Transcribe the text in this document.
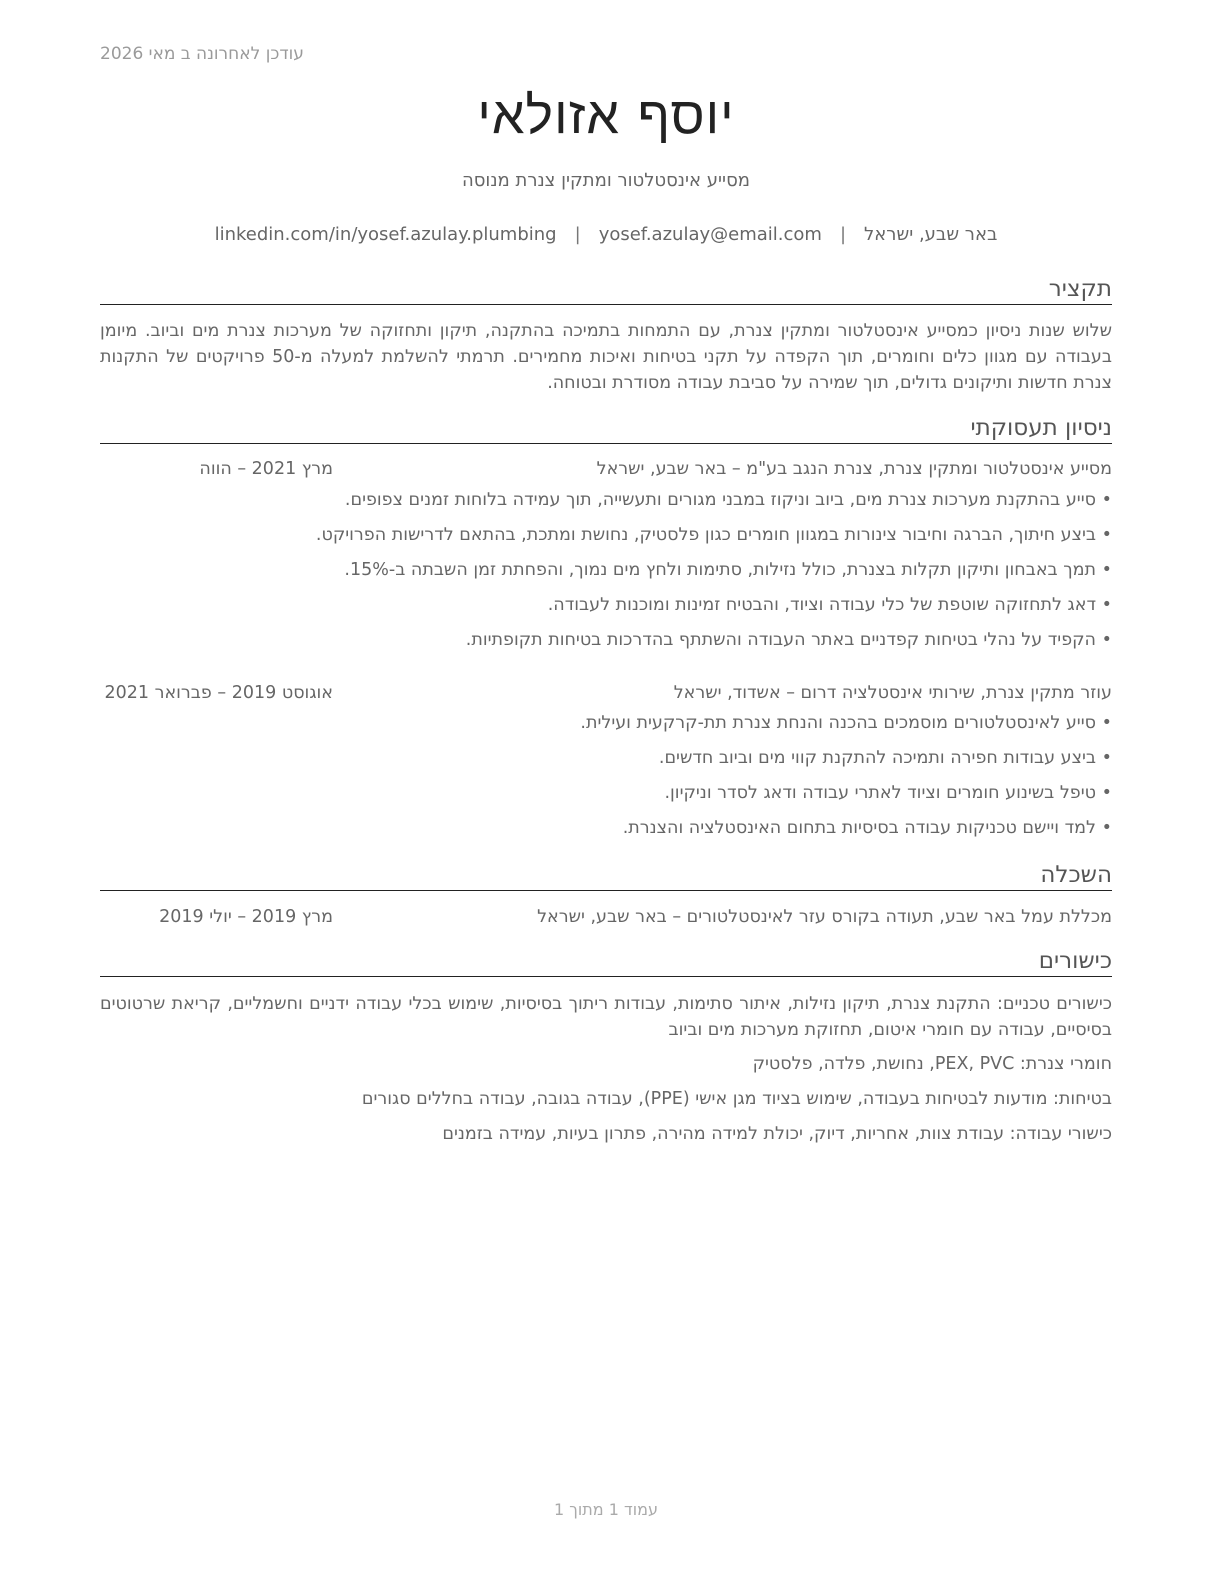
עודכן לאחרונה ב מאי 2026
יוסף אזולאי
מסייע אינסטלטור ומתקין צנרת מנוסה
באר שבע, ישראל
|
yosef.azulay@email.com
|
linkedin.com/in/yosef.azulay.plumbing
תקציר
שלוש שנות ניסיון כמסייע אינסטלטור ומתקין צנרת, עם התמחות בתמיכה בהתקנה, תיקון ותחזוקה של מערכות צנרת מים וביוב. מיומן בעבודה עם מגוון כלים וחומרים, תוך הקפדה על תקני בטיחות ואיכות מחמירים. תרמתי להשלמת למעלה מ-50 פרויקטים של התקנות צנרת חדשות ותיקונים גדולים, תוך שמירה על סביבת עבודה מסודרת ובטוחה.
ניסיון תעסוקתי
מסייע אינסטלטור ומתקין צנרת, צנרת הנגב בע"מ – באר שבע, ישראל
מרץ 2021 – הווה
• סייע בהתקנת מערכות צנרת מים, ביוב וניקוז במבני מגורים ותעשייה, תוך עמידה בלוחות זמנים צפופים.
• ביצע חיתוך, הברגה וחיבור צינורות במגוון חומרים כגון פלסטיק, נחושת ומתכת, בהתאם לדרישות הפרויקט.
• תמך באבחון ותיקון תקלות בצנרת, כולל נזילות, סתימות ולחץ מים נמוך, והפחתת זמן השבתה ב-15%.
• דאג לתחזוקה שוטפת של כלי עבודה וציוד, והבטיח זמינות ומוכנות לעבודה.
• הקפיד על נהלי בטיחות קפדניים באתר העבודה והשתתף בהדרכות בטיחות תקופתיות.
עוזר מתקין צנרת, שירותי אינסטלציה דרום – אשדוד, ישראל
אוגוסט 2019 – פברואר 2021
• סייע לאינסטלטורים מוסמכים בהכנה והנחת צנרת תת-קרקעית ועילית.
• ביצע עבודות חפירה ותמיכה להתקנת קווי מים וביוב חדשים.
• טיפל בשינוע חומרים וציוד לאתרי עבודה ודאג לסדר וניקיון.
• למד ויישם טכניקות עבודה בסיסיות בתחום האינסטלציה והצנרת.
השכלה
מכללת עמל באר שבע, תעודה בקורס עזר לאינסטלטורים – באר שבע, ישראל
מרץ 2019 – יולי 2019
כישורים
כישורים טכניים: התקנת צנרת, תיקון נזילות, איתור סתימות, עבודות ריתוך בסיסיות, שימוש בכלי עבודה ידניים וחשמליים, קריאת שרטוטים בסיסיים, עבודה עם חומרי איטום, תחזוקת מערכות מים וביוב
חומרי צנרת: PEX, PVC, נחושת, פלדה, פלסטיק
בטיחות: מודעות לבטיחות בעבודה, שימוש בציוד מגן אישי (PPE), עבודה בגובה, עבודה בחללים סגורים
כישורי עבודה: עבודת צוות, אחריות, דיוק, יכולת למידה מהירה, פתרון בעיות, עמידה בזמנים
עמוד 1 מתוך 1
